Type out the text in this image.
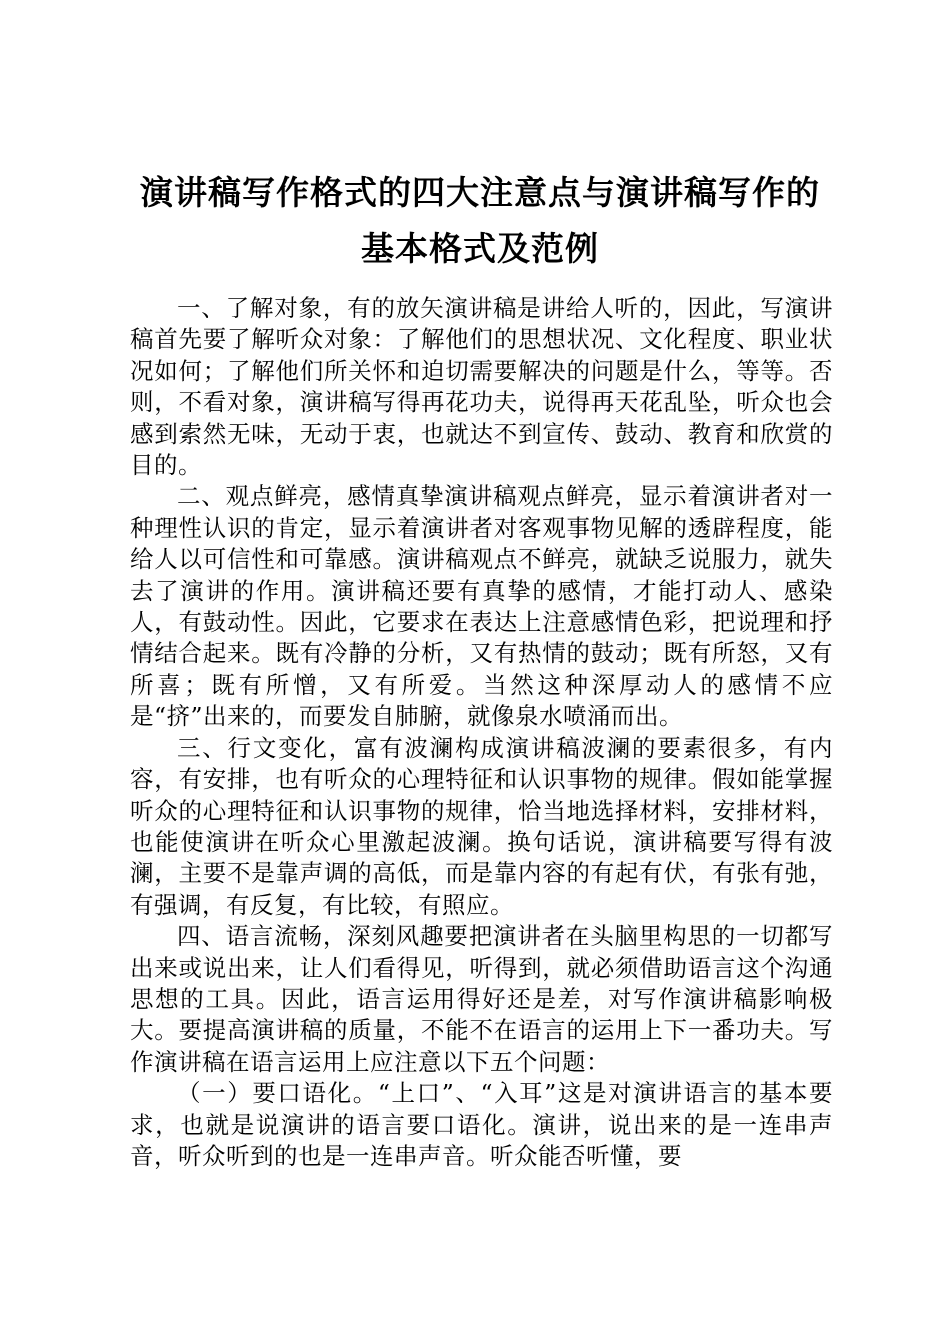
演讲稿写作格式的四大注意点与演讲稿写作的
基本格式及范例

一、了解对象，有的放矢演讲稿是讲给人听的，因此，写演讲稿首先要了解听众对象：了解他们的思想状况、文化程度、职业状况如何；了解他们所关怀和迫切需要解决的问题是什么，等等。否则，不看对象，演讲稿写得再花功夫，说得再天花乱坠，听众也会感到索然无味，无动于衷，也就达不到宣传、鼓动、教育和欣赏的目的。

二、观点鲜亮，感情真挚演讲稿观点鲜亮，显示着演讲者对一种理性认识的肯定，显示着演讲者对客观事物见解的透辟程度，能给人以可信性和可靠感。演讲稿观点不鲜亮，就缺乏说服力，就失去了演讲的作用。演讲稿还要有真挚的感情，才能打动人、感染人，有鼓动性。因此，它要求在表达上注意感情色彩，把说理和抒情结合起来。既有冷静的分析，又有热情的鼓动；既有所怒，又有所喜；既有所憎，又有所爱。当然这种深厚动人的感情不应是“挤”出来的，而要发自肺腑，就像泉水喷涌而出。

三、行文变化，富有波澜构成演讲稿波澜的要素很多，有内容，有安排，也有听众的心理特征和认识事物的规律。假如能掌握听众的心理特征和认识事物的规律，恰当地选择材料，安排材料，也能使演讲在听众心里激起波澜。换句话说，演讲稿要写得有波澜，主要不是靠声调的高低，而是靠内容的有起有伏，有张有弛，有强调，有反复，有比较，有照应。

四、语言流畅，深刻风趣要把演讲者在头脑里构思的一切都写出来或说出来，让人们看得见，听得到，就必须借助语言这个沟通思想的工具。因此，语言运用得好还是差，对写作演讲稿影响极大。要提高演讲稿的质量，不能不在语言的运用上下一番功夫。写作演讲稿在语言运用上应注意以下五个问题：

（一）要口语化。“上口”、“入耳”这是对演讲语言的基本要求，也就是说演讲的语言要口语化。演讲，说出来的是一连串声音，听众听到的也是一连串声音。听众能否听懂，要
